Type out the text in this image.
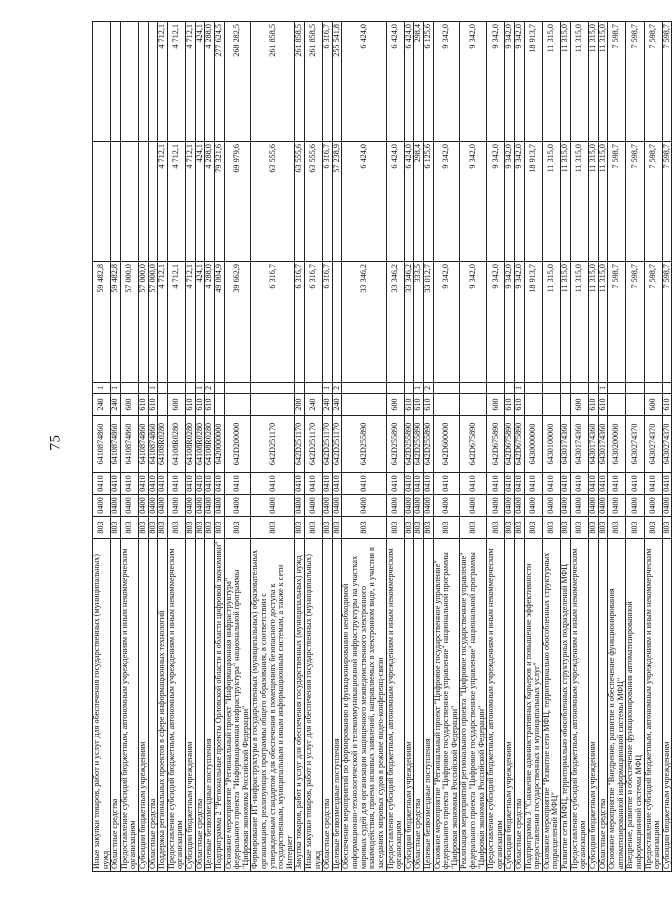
75
Иные закупки товаров, работ и услуг для обеспечения государственных (муниципальных) нужд	803	0400	0410	6410874860	240	1	59 482,8		
Областные средства	803	0400	0410	6410874860	240	1	59 482,8		
Предоставление субсидий бюджетным, автономным учреждениям и иным некоммерческим организациям	803	0400	0410	6410874860	600		57 000,0		
Субсидии бюджетным учреждениям	803	0400	0410	6410874860	610		57 000,0		
Областные средства	803	0400	0410	6410874860	610	1	57 000,0		
Поддержка региональных проектов в сфере информационных технологий	803	0400	0410	64108R0280			4 712,1	4 712,1	4 712,1
Предоставление субсидий бюджетным, автономным учреждениям и иным некоммерческим организациям	803	0400	0410	64108R0280	600		4 712,1	4 712,1	4 712,1
Субсидии бюджетным учреждениям	803	0400	0410	64108R0280	610		4 712,1	4 712,1	4 712,1
Областные средства	803	0400	0410	64108R0280	610	1	424,1	424,1	424,1
Целевые безвозмездные поступления	803	0400	0410	64108R0280	610	2	4 288,0	4 288,0	4 288,0
Подпрограмма 2 "Региональные проекты Орловской области в области цифровой экономики"	803	0400	0410	6420000000			49 004,9	79 321,6	277 624,5
Основное мероприятие "Региональный проект "Информационная инфраструктура" федерального проекта "Информационная инфраструктура" национальной программы "Цифровая экономика Российской Федерации"	803	0400	0410	642D200000			39 662,9	69 979,6	268 282,5
Формирование ИТ-инфраструктуры в государственных (муниципальных) образовательных организациях, реализующих программы общего образования, в соответствии с утвержденным стандартом для обеспечения в помещениях безопасного доступа к государственным, муниципальным и иным информационным системам, а также к сети Интернет	803	0400	0410	642D251170			6 316,7	63 555,6	261 858,5
Закупка товаров, работ и услуг для обеспечения государственных (муниципальных) нужд	803	0400	0410	642D251170	200		6 316,7	63 555,6	261 858,5
Иные закупки товаров, работ и услуг для обеспечения государственных (муниципальных) нужд	803	0400	0410	642D251170	240		6 316,7	63 555,6	261 858,5
Областные средства	803	0400	0410	642D251170	240	1	6 316,7	6 316,7	6 316,7
Целевые безвозмездные поступления	803	0400	0410	642D251170	240	2		57 238,9	255 541,8
Обеспечение мероприятий по формированию и функционированию необходимой информационно-технологической и телекоммуникационной инфраструктуры на участках мировых судей для организации защищенного межведомственного электронного взаимодействия, приема исковых заявлений, направляемых в электронном виде, и участия в заседаниях мировых судов в режиме видео-конференц-связи	803	0400	0410	642D255890			33 346,2	6 424,0	6 424,0
Предоставление субсидий бюджетным, автономным учреждениям и иным некоммерческим организациям	803	0400	0410	642D255890	600		33 346,2	6 424,0	6 424,0
Субсидии бюджетным учреждениям	803	0400	0410	642D255890	610		33 346,2	6 424,0	6 424,0
Областные средства	803	0400	0410	642D255890	610	1	333,5	298,4	298,4
Целевые безвозмездные поступления	803	0400	0410	642D255890	610	2	33 012,7	6 125,6	6 125,6
Основное мероприятие "Региональный проект "Цифровое государственное управление" федерального проекта "Цифровое государственное управление" национальной программы "Цифровая экономика Российской Федерации"	803	0400	0410	642D600000			9 342,0	9 342,0	9 342,0
Реализация мероприятий регионального проекта "Цифровое государственное управление" федерального проекта "Цифровое государственное управление" национальной программы "Цифровая экономика Российской Федерации"	803	0400	0410	642D675890			9 342,0	9 342,0	9 342,0
Предоставление субсидий бюджетным, автономным учреждениям и иным некоммерческим организациям	803	0400	0410	642D675890	600		9 342,0	9 342,0	9 342,0
Субсидии бюджетным учреждениям	803	0400	0410	642D675890	610		9 342,0	9 342,0	9 342,0
Областные средства	803	0400	0410	642D675890	610	1	9 342,0	9 342,0	9 342,0
Подпрограмма 3 "Снижение административных барьеров и повышение эффективности предоставления государственных и муниципальных услуг"	803	0400	0410	6430000000			18 913,7	18 913,7	18 913,7
Основное мероприятие "Развитие сети МФЦ, территориально обособленных структурных подразделений МФЦ"	803	0400	0410	6430100000			11 315,0	11 315,0	11 315,0
Развитие сети МФЦ, территориально обособленных структурных подразделений МФЦ	803	0400	0410	6430174360			11 315,0	11 315,0	11 315,0
Предоставление субсидий бюджетным, автономным учреждениям и иным некоммерческим организациям	803	0400	0410	6430174360	600		11 315,0	11 315,0	11 315,0
Субсидии бюджетным учреждениям	803	0400	0410	6430174360	610		11 315,0	11 315,0	11 315,0
Областные средства	803	0400	0410	6430174360	610	1	11 315,0	11 315,0	11 315,0
Основное мероприятие "Внедрение, развитие и обеспечение функционирования автоматизированной информационной системы МФЦ"	803	0400	0410	6430200000			7 598,7	7 598,7	7 598,7
Внедрение, развитие и обеспечение функционирования автоматизированной информационной системы МФЦ	803	0400	0410	6430274370			7 598,7	7 598,7	7 598,7
Предоставление субсидий бюджетным, автономным учреждениям и иным некоммерческим организациям	803	0400	0410	6430274370	600		7 598,7	7 598,7	7 598,7
Субсидии бюджетным учреждениям	803	0400	0410	6430274370	610		7 598,7	7 598,7	7 598,7
